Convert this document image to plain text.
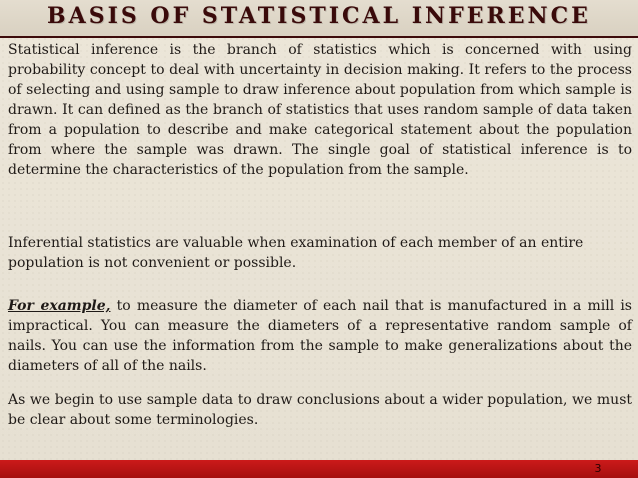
BASIS OF STATISTICAL INFERENCE

Statistical inference is the branch of statistics which is concerned with using probability concept to deal with uncertainty in decision making. It refers to the process of selecting and using sample to draw inference about population from which sample is drawn. It can defined as the branch of statistics that uses random sample of data taken from a population to describe and make categorical statement about the population from where the sample was drawn. The single goal of statistical inference is to determine the characteristics of the population from the sample.

Inferential statistics are valuable when examination of each member of an entire population is not convenient or possible.

For example, to measure the diameter of each nail that is manufactured in a mill is impractical. You can measure the diameters of a representative random sample of nails. You can use the information from the sample to make generalizations about the diameters of all of the nails.

As we begin to use sample data to draw conclusions about a wider population, we must be clear about some terminologies.

3
